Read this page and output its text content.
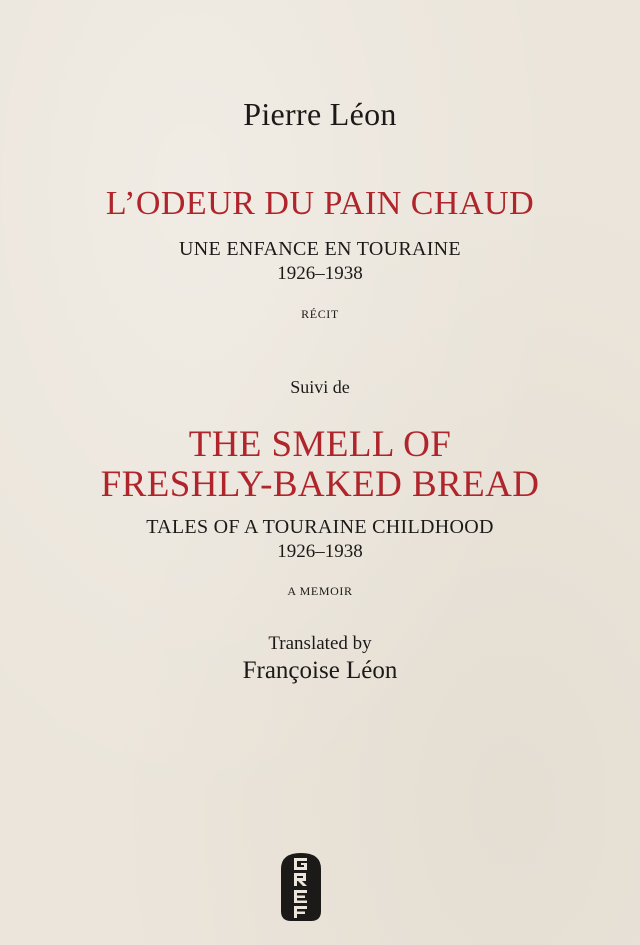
Pierre Léon
L’ODEUR DU PAIN CHAUD
UNE ENFANCE EN TOURAINE
1926–1938
RÉCIT
Suivi de
THE SMELL OF
FRESHLY-BAKED BREAD
TALES OF A TOURAINE CHILDHOOD
1926–1938
A MEMOIR
Translated by
Françoise Léon
